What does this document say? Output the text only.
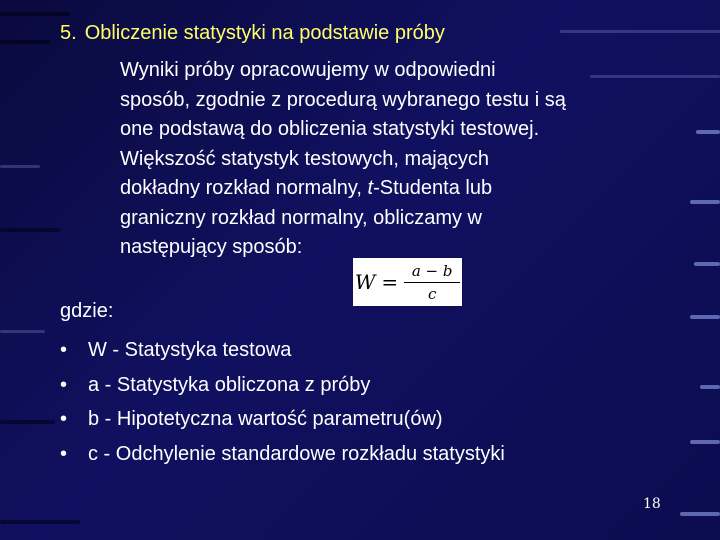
5. Obliczenie statystyki na podstawie próby
Wyniki próby opracowujemy w odpowiedni
sposób, zgodnie z procedurą wybranego testu i są
one podstawą do obliczenia statystyki testowej.
Większość statystyk testowych, mających
dokładny rozkład normalny, t-Studenta lub
graniczny rozkład normalny, obliczamy w
następujący sposób:
$W = \frac{a - b}{c}$
gdzie:
• W - Statystyka testowa
• a - Statystyka obliczona z próby
• b - Hipotetyczna wartość parametru(ów)
• c - Odchylenie standardowe rozkładu statystyki
18
